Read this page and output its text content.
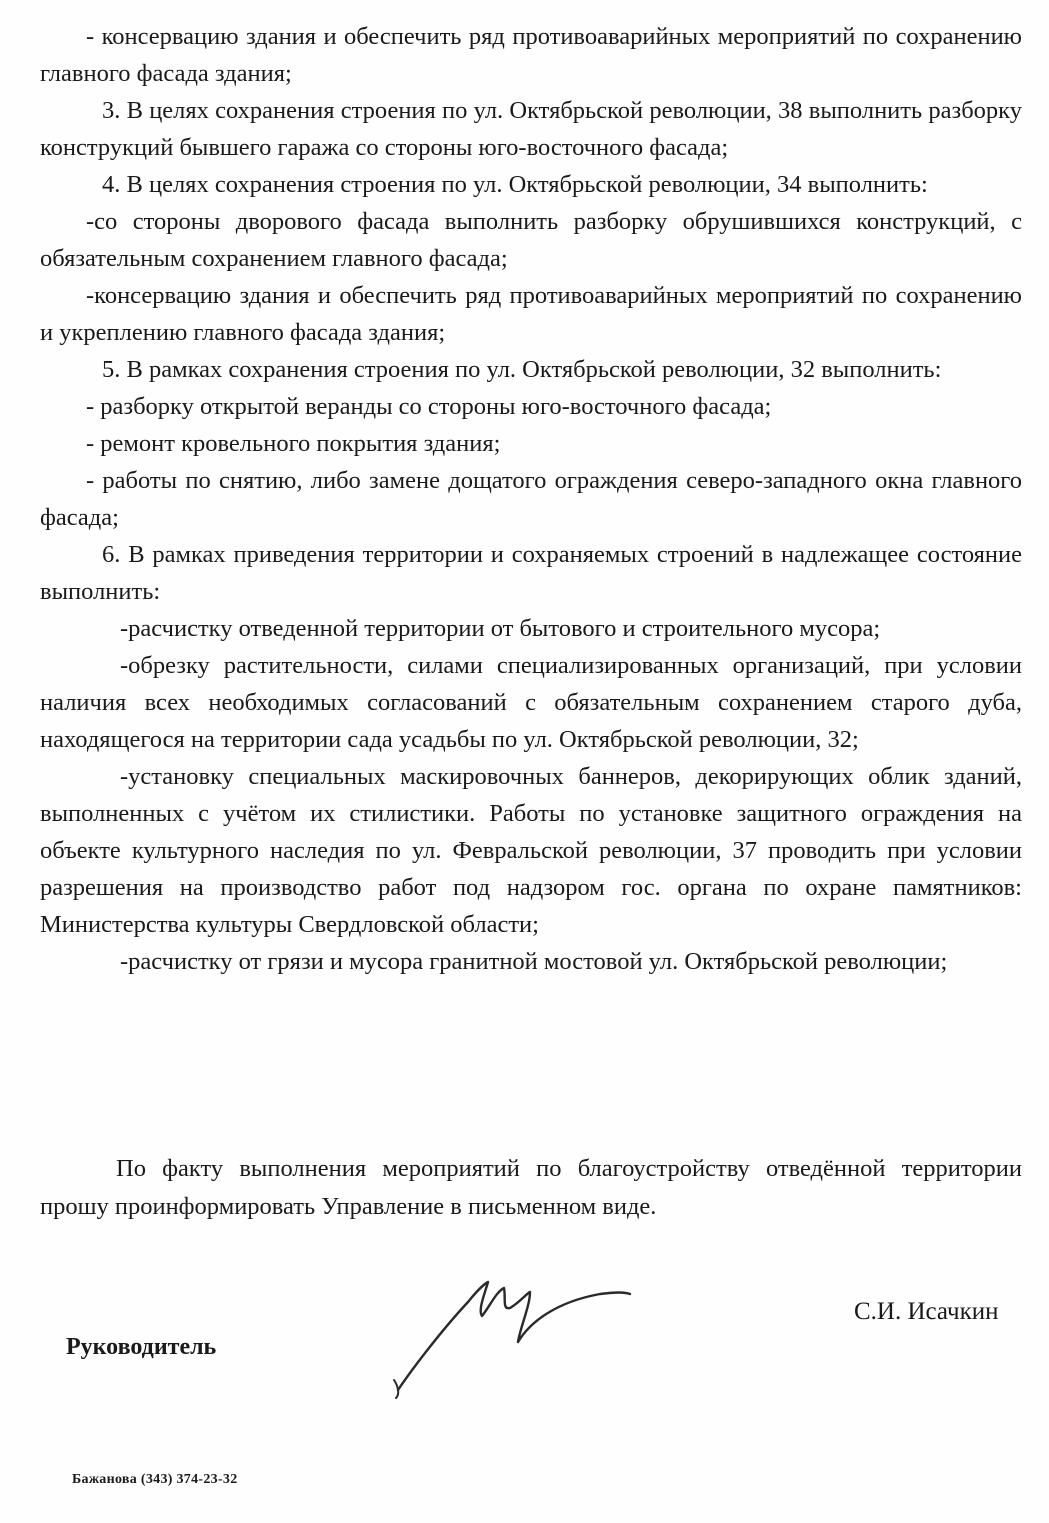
- консервацию здания и обеспечить ряд противоаварийных мероприятий по сохранению главного фасада здания;

3. В целях сохранения строения по ул. Октябрьской революции, 38 выполнить разборку конструкций бывшего гаража со стороны юго-восточного фасада;

4. В целях сохранения строения по ул. Октябрьской революции, 34 выполнить:

-со стороны дворового фасада выполнить разборку обрушившихся конструкций, с обязательным сохранением главного фасада;

-консервацию здания и обеспечить ряд противоаварийных мероприятий по сохранению и укреплению главного фасада здания;

5. В рамках сохранения строения по ул. Октябрьской революции, 32 выполнить:

- разборку открытой веранды со стороны юго-восточного фасада;

- ремонт кровельного покрытия здания;

- работы по снятию, либо замене дощатого ограждения северо-западного окна главного фасада;

6. В рамках приведения территории и сохраняемых строений в надлежащее состояние выполнить:

-расчистку отведенной территории от бытового и строительного мусора;

-обрезку растительности, силами специализированных организаций, при условии наличия всех необходимых согласований с обязательным сохранением старого дуба, находящегося на территории сада усадьбы по ул. Октябрьской революции, 32;

-установку специальных маскировочных баннеров, декорирующих облик зданий, выполненных с учётом их стилистики. Работы по установке защитного ограждения на объекте культурного наследия по ул. Февральской революции, 37 проводить при условии разрешения на производство работ под надзором гос. органа по охране памятников: Министерства культуры Свердловской области;

-расчистку от грязи и мусора гранитной мостовой ул. Октябрьской революции;

По факту выполнения мероприятий по благоустройству отведённой территории прошу проинформировать Управление в письменном виде.

С.И. Исачкин
Руководитель
Бажанова (343) 374-23-32
